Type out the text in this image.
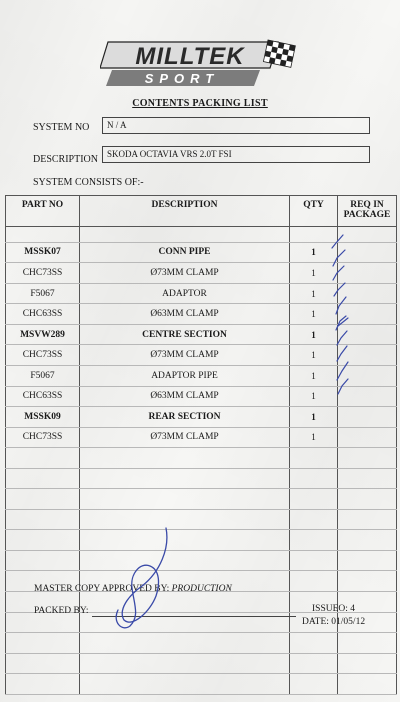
MILLTEK
SPORT
CONTENTS PACKING LIST
SYSTEM NO	N / A
DESCRIPTION SKODA OCTAVIA VRS 2.0T FSI
SYSTEM CONSISTS OF:-
PART NO	DESCRIPTION	QTY	REQ IN
PACKAGE

MSSK07	CONN PIPE	1	
CHC73SS	Ø73MM CLAMP	1	
F5067	ADAPTOR	1	
CHC63SS	Ø63MM CLAMP	1	
MSVW289	CENTRE SECTION	1	
CHC73SS	Ø73MM CLAMP	1	
F5067	ADAPTOR PIPE	1	
CHC63SS	Ø63MM CLAMP	1	
MSSK09	REAR SECTION	1	
CHC73SS	Ø73MM CLAMP	1	

MASTER COPY APPROVED BY: PRODUCTION
PACKED BY:	ISSUEO: 4
DATE: 01/05/12
